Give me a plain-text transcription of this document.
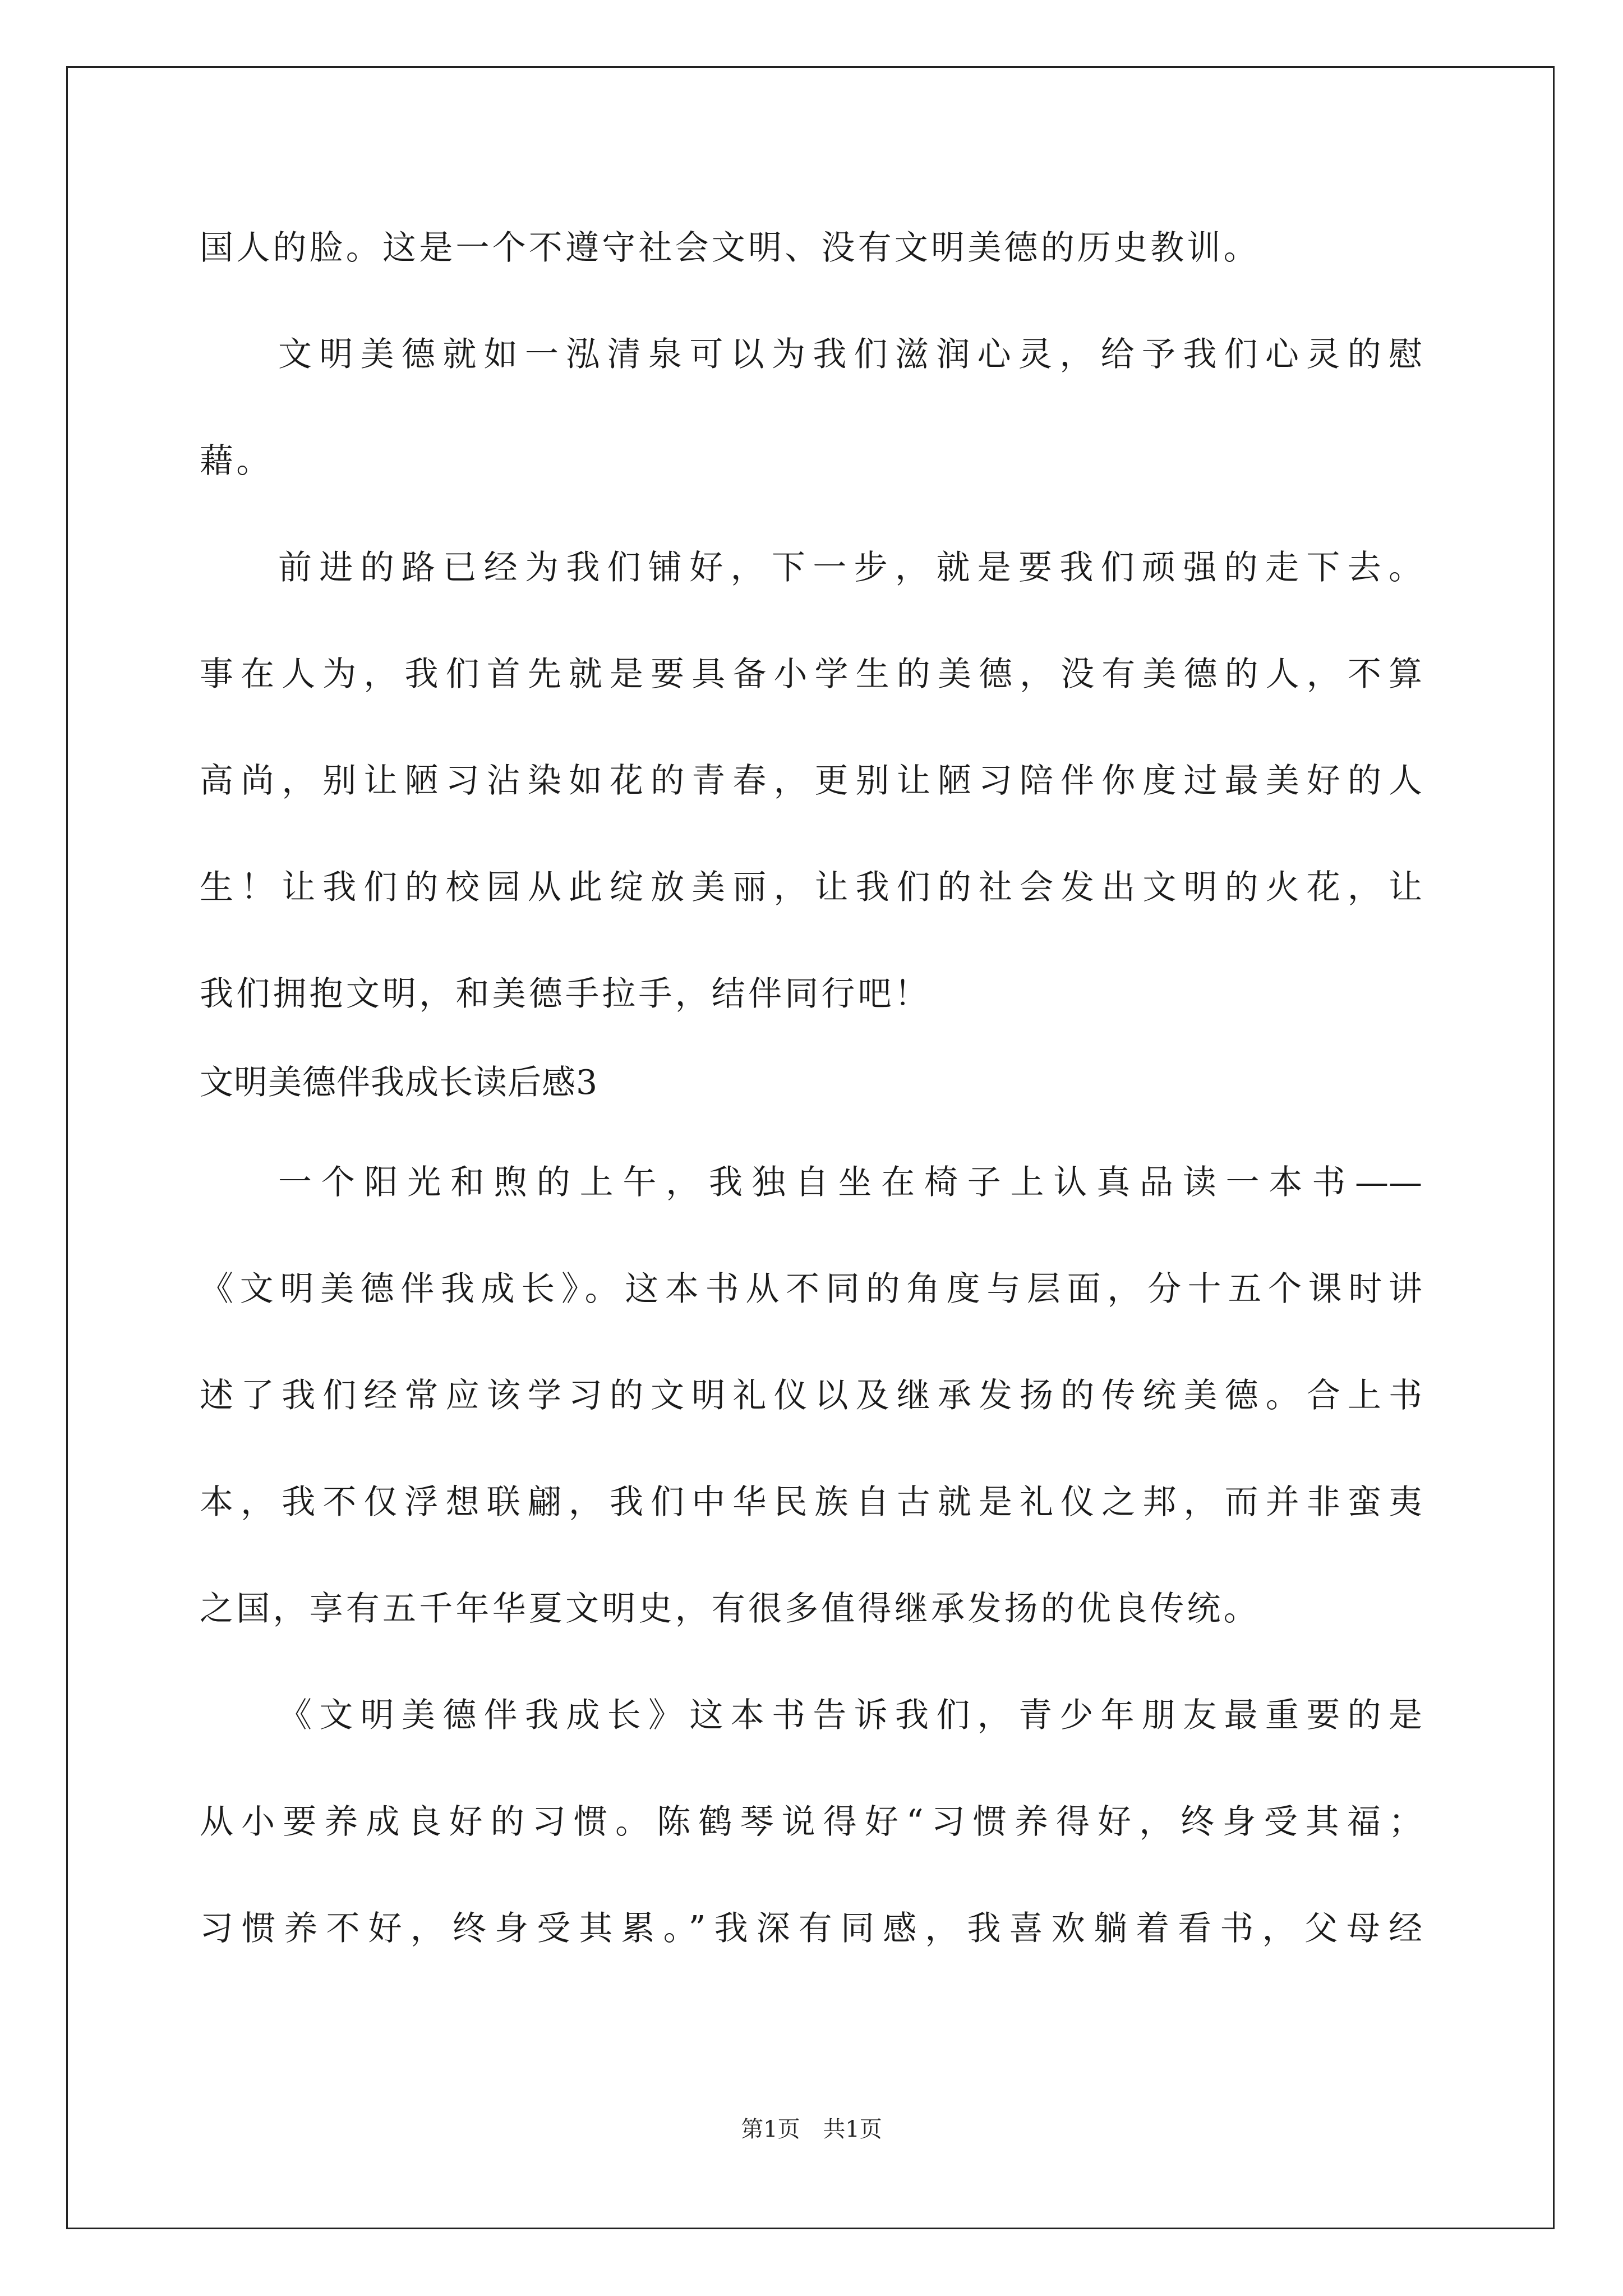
国人的脸。这是一个不遵守社会文明、没有文明美德的历史教训。
文明美德就如一泓清泉可以为我们滋润心灵，给予我们心灵的慰
藉。
前进的路已经为我们铺好，下一步，就是要我们顽强的走下去。
事在人为，我们首先就是要具备小学生的美德，没有美德的人，不算
高尚，别让陋习沾染如花的青春，更别让陋习陪伴你度过最美好的人
生！让我们的校园从此绽放美丽，让我们的社会发出文明的火花，让
我们拥抱文明，和美德手拉手，结伴同行吧！
文明美德伴我成长读后感3
一个阳光和煦的上午，我独自坐在椅子上认真品读一本书——
《文明美德伴我成长》。这本书从不同的角度与层面，分十五个课时讲
述了我们经常应该学习的文明礼仪以及继承发扬的传统美德。合上书
本，我不仅浮想联翩，我们中华民族自古就是礼仪之邦，而并非蛮夷
之国，享有五千年华夏文明史，有很多值得继承发扬的优良传统。
《文明美德伴我成长》这本书告诉我们，青少年朋友最重要的是
从小要养成良好的习惯。陈鹤琴说得好“习惯养得好，终身受其福；
习惯养不好，终身受其累。”我深有同感，我喜欢躺着看书，父母经
第1页 共1页
